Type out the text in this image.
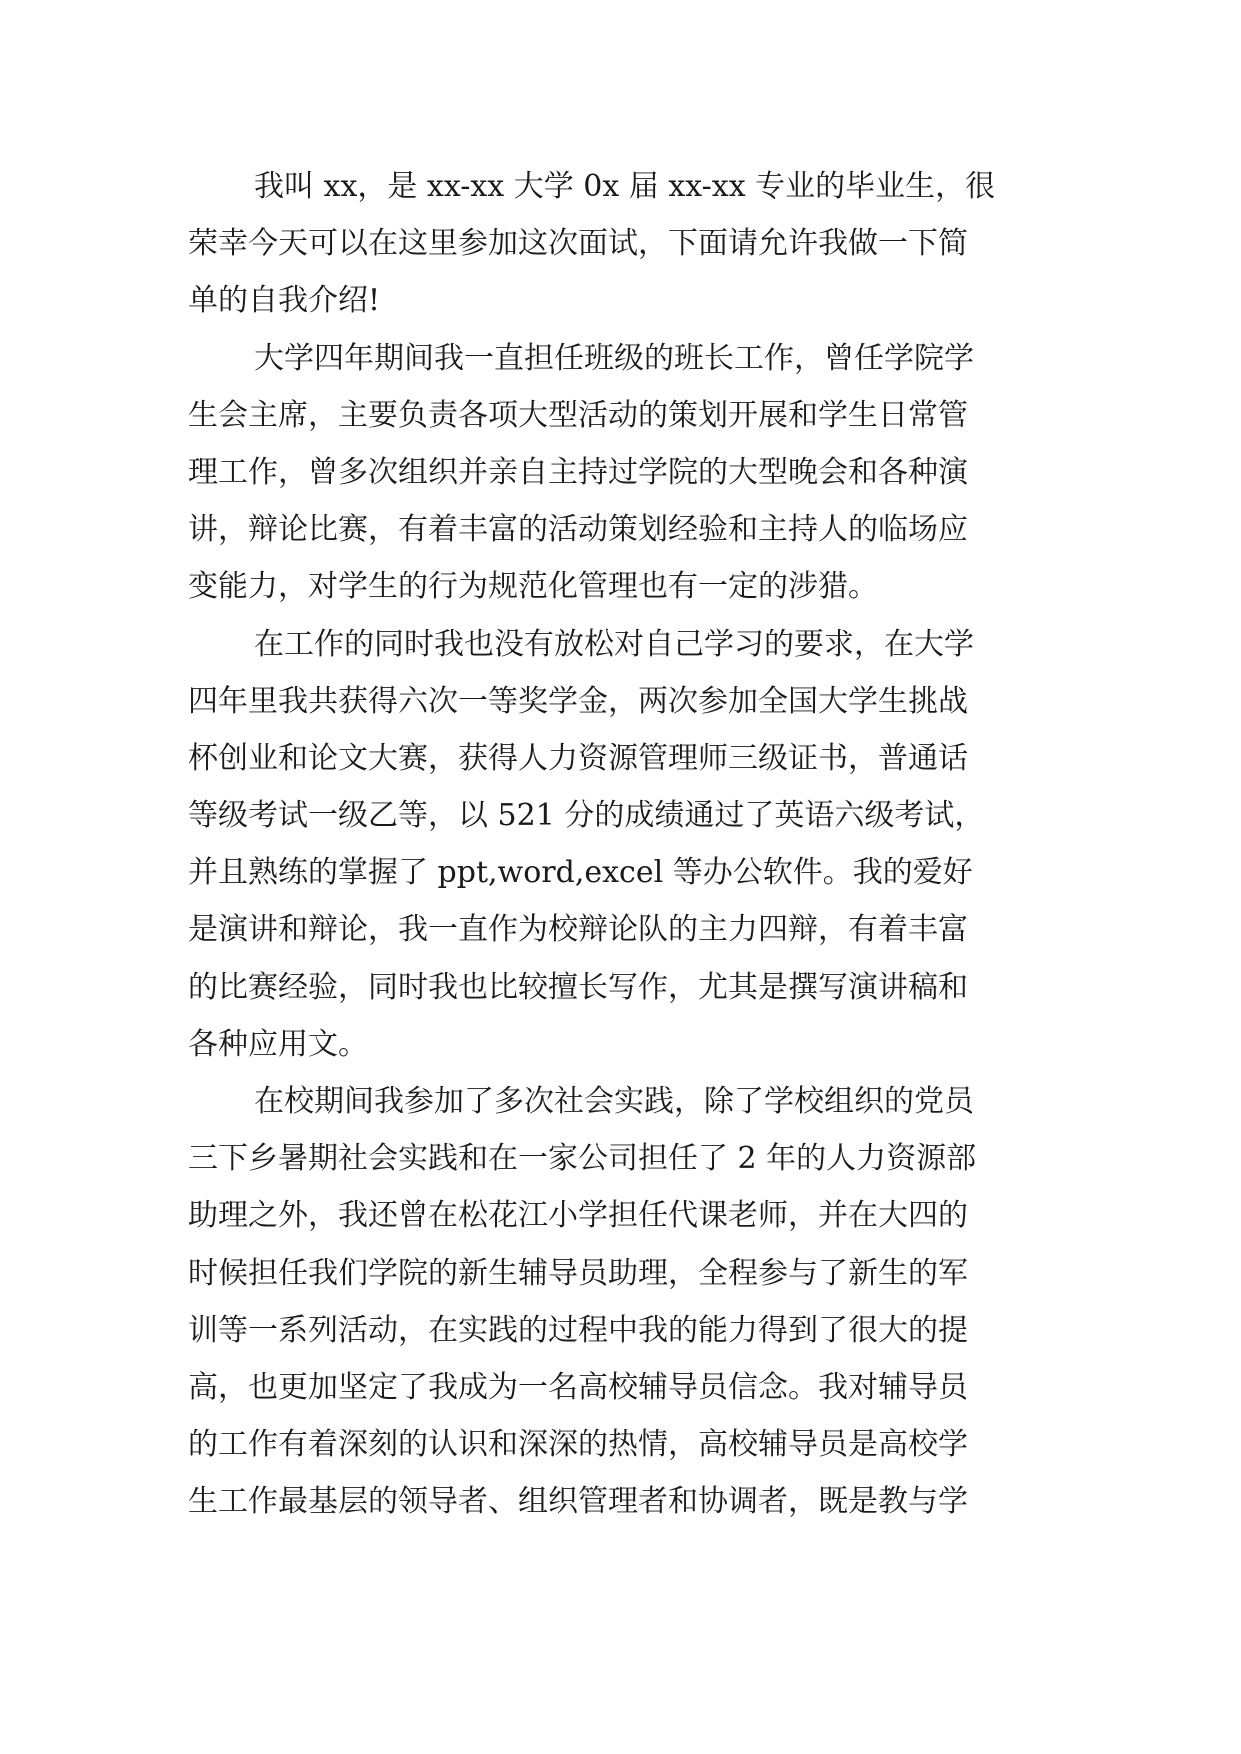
我叫 xx，是 xx-xx 大学 0x 届 xx-xx 专业的毕业生，很

荣幸今天可以在这里参加这次面试，下面请允许我做一下简

单的自我介绍!

大学四年期间我一直担任班级的班长工作，曾任学院学

生会主席，主要负责各项大型活动的策划开展和学生日常管

理工作，曾多次组织并亲自主持过学院的大型晚会和各种演

讲，辩论比赛，有着丰富的活动策划经验和主持人的临场应

变能力，对学生的行为规范化管理也有一定的涉猎。

在工作的同时我也没有放松对自己学习的要求，在大学

四年里我共获得六次一等奖学金，两次参加全国大学生挑战

杯创业和论文大赛，获得人力资源管理师三级证书，普通话

等级考试一级乙等，以 521 分的成绩通过了英语六级考试，

并且熟练的掌握了 ppt,word,excel 等办公软件。我的爱好

是演讲和辩论，我一直作为校辩论队的主力四辩，有着丰富

的比赛经验，同时我也比较擅长写作，尤其是撰写演讲稿和

各种应用文。

在校期间我参加了多次社会实践，除了学校组织的党员

三下乡暑期社会实践和在一家公司担任了 2 年的人力资源部

助理之外，我还曾在松花江小学担任代课老师，并在大四的

时候担任我们学院的新生辅导员助理，全程参与了新生的军

训等一系列活动，在实践的过程中我的能力得到了很大的提

高，也更加坚定了我成为一名高校辅导员信念。我对辅导员

的工作有着深刻的认识和深深的热情，高校辅导员是高校学

生工作最基层的领导者、组织管理者和协调者，既是教与学
